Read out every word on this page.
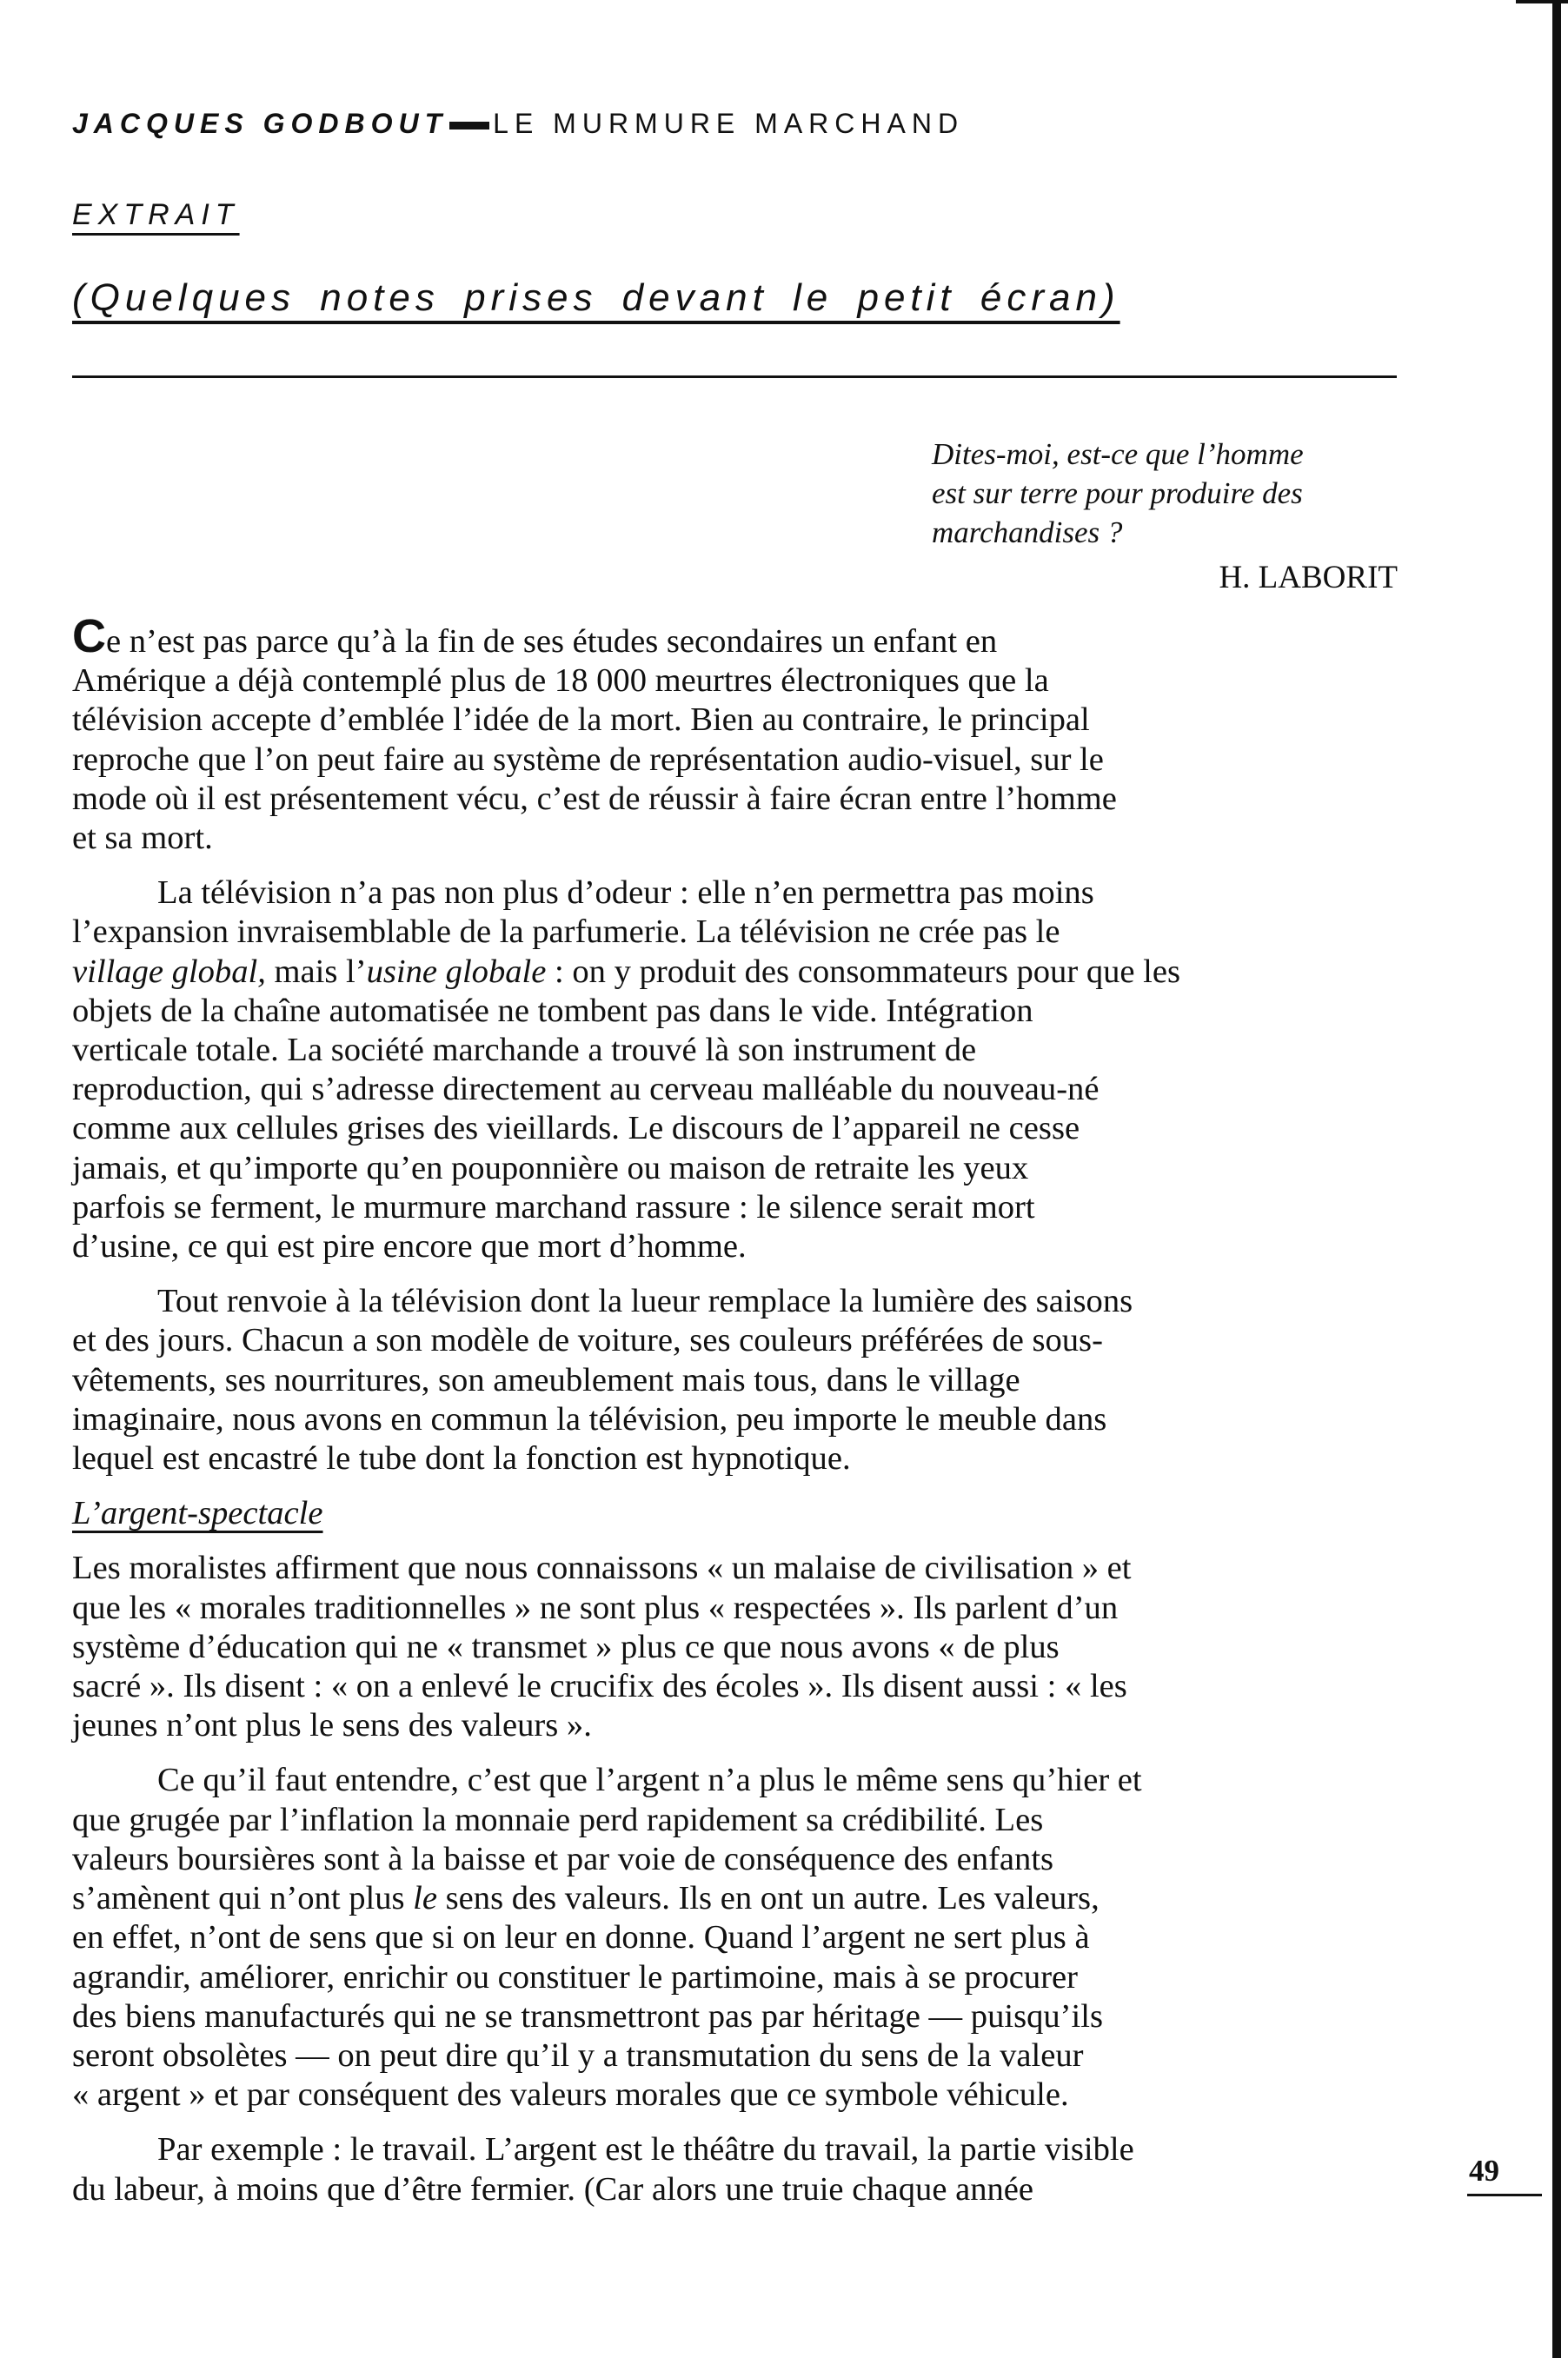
JACQUES GODBOUT LE MURMURE MARCHAND
EXTRAIT
(Quelques notes prises devant le petit écran)
Dites-moi, est-ce que l’homme
est sur terre pour produire des
marchandises ?
H. LABORIT

Ce n’est pas parce qu’à la fin de ses études secondaires un enfant en
Amérique a déjà contemplé plus de 18 000 meurtres électroniques que la
télévision accepte d’emblée l’idée de la mort. Bien au contraire, le principal
reproche que l’on peut faire au système de représentation audio-visuel, sur le
mode où il est présentement vécu, c’est de réussir à faire écran entre l’homme
et sa mort.

La télévision n’a pas non plus d’odeur : elle n’en permettra pas moins
l’expansion invraisemblable de la parfumerie. La télévision ne crée pas le
village global, mais l’usine globale : on y produit des consommateurs pour que les
objets de la chaîne automatisée ne tombent pas dans le vide. Intégration
verticale totale. La société marchande a trouvé là son instrument de
reproduction, qui s’adresse directement au cerveau malléable du nouveau-né
comme aux cellules grises des vieillards. Le discours de l’appareil ne cesse
jamais, et qu’importe qu’en pouponnière ou maison de retraite les yeux
parfois se ferment, le murmure marchand rassure : le silence serait mort
d’usine, ce qui est pire encore que mort d’homme.

Tout renvoie à la télévision dont la lueur remplace la lumière des saisons
et des jours. Chacun a son modèle de voiture, ses couleurs préférées de sous-
vêtements, ses nourritures, son ameublement mais tous, dans le village
imaginaire, nous avons en commun la télévision, peu importe le meuble dans
lequel est encastré le tube dont la fonction est hypnotique.

L’argent-spectacle

Les moralistes affirment que nous connaissons « un malaise de civilisation » et
que les « morales traditionnelles » ne sont plus « respectées ». Ils parlent d’un
système d’éducation qui ne « transmet » plus ce que nous avons « de plus
sacré ». Ils disent : « on a enlevé le crucifix des écoles ». Ils disent aussi : « les
jeunes n’ont plus le sens des valeurs ».

Ce qu’il faut entendre, c’est que l’argent n’a plus le même sens qu’hier et
que grugée par l’inflation la monnaie perd rapidement sa crédibilité. Les
valeurs boursières sont à la baisse et par voie de conséquence des enfants
s’amènent qui n’ont plus le sens des valeurs. Ils en ont un autre. Les valeurs,
en effet, n’ont de sens que si on leur en donne. Quand l’argent ne sert plus à
agrandir, améliorer, enrichir ou constituer le partimoine, mais à se procurer
des biens manufacturés qui ne se transmettront pas par héritage — puisqu’ils
seront obsolètes — on peut dire qu’il y a transmutation du sens de la valeur
« argent » et par conséquent des valeurs morales que ce symbole véhicule.

Par exemple : le travail. L’argent est le théâtre du travail, la partie visible
du labeur, à moins que d’être fermier. (Car alors une truie chaque année

49
